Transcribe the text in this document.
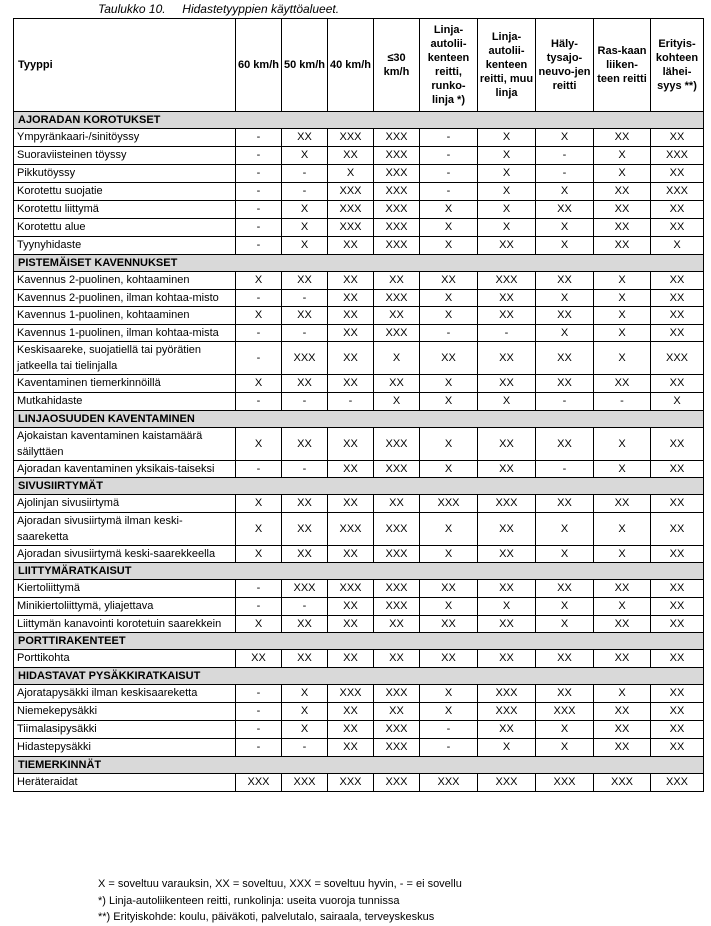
Taulukko 10.     Hidastetyyppien käyttöalueet.
Tyyppi	60 km/h	50 km/h	40 km/h	≤30 km/h	Linja-autolii-kenteen reitti, runko-linja *)	Linja-autolii-kenteen reitti, muu linja	Häly-tysajo-neuvo-jen reitti	Ras-kaan liiken-teen reitti	Erityis-kohteen lähei-syys **)
AJORADAN KOROTUKSET									
Ympyränkaari-/sinitöyssy	-	XX	XXX	XXX	-	X	X	XX	XX
Suoraviisteinen töyssy	-	X	XX	XXX	-	X	-	X	XXX
Pikkutöyssy	-	-	X	XXX	-	X	-	X	XX
Korotettu suojatie	-	-	XXX	XXX	-	X	X	XX	XXX
Korotettu liittymä	-	X	XXX	XXX	X	X	XX	XX	XX
Korotettu alue	-	X	XXX	XXX	X	X	X	XX	XX
Tyynyhidaste	-	X	XX	XXX	X	XX	X	XX	X
PISTEMÄISET KAVENNUKSET									
Kavennus 2-puolinen, kohtaaminen	X	XX	XX	XX	XX	XXX	XX	X	XX
Kavennus 2-puolinen, ilman kohtaa-misto	-	-	XX	XXX	X	XX	X	X	XX
Kavennus 1-puolinen, kohtaaminen	X	XX	XX	XX	X	XX	XX	X	XX
Kavennus 1-puolinen, ilman kohtaa-mista	-	-	XX	XXX	-	-	X	X	XX
Keskisaareke, suojatiellä tai pyörätien jatkeella tai tielinjalla	-	XXX	XX	X	XX	XX	XX	X	XXX
Kaventaminen tiemerkinnöillä	X	XX	XX	XX	X	XX	XX	XX	XX
Mutkahidaste	-	-	-	X	X	X	-	-	X
LINJAOSUUDEN KAVENTAMINEN									
Ajokaistan kaventaminen kaistamäärä säilyttäen	X	XX	XX	XXX	X	XX	XX	X	XX
Ajoradan kaventaminen yksikais-taiseksi	-	-	XX	XXX	X	XX	-	X	XX
SIVUSIIRTYMÄT									
Ajolinjan sivusiirtymä	X	XX	XX	XX	XXX	XXX	XX	XX	XX
Ajoradan sivusiirtymä ilman keski-saareketta	X	XX	XXX	XXX	X	XX	X	X	XX
Ajoradan sivusiirtymä keski-saarekkeella	X	XX	XX	XXX	X	XX	X	X	XX
LIITTYMÄRATKAISUT									
Kiertoliittymä	-	XXX	XXX	XXX	XX	XX	XX	XX	XX
Minikiertoliittymä, yliajettava	-	-	XX	XXX	X	X	X	X	XX
Liittymän kanavointi korotetuin saarekkein	X	XX	XX	XX	XX	XX	X	XX	XX
PORTTIRAKENTEET									
Porttikohta	XX	XX	XX	XX	XX	XX	XX	XX	XX
HIDASTAVAT PYSÄKKIRATKAISUT									
Ajoratapysäkki ilman keskisaareketta	-	X	XXX	XXX	X	XXX	XX	X	XX
Niemekepysäkki	-	X	XX	XX	X	XXX	XXX	XX	XX
Tiimalasipysäkki	-	X	XX	XXX	-	XX	X	XX	XX
Hidastepysäkki	-	-	XX	XXX	-	X	X	XX	XX
TIEMERKINNÄT									
Heräteraidat	XXX	XXX	XXX	XXX	XXX	XXX	XXX	XXX	XXX
X = soveltuu varauksin, XX = soveltuu, XXX = soveltuu hyvin, - = ei sovellu
*) Linja-autoliikenteen reitti, runkolinja: useita vuoroja tunnissa
**) Erityiskohde: koulu, päiväkoti, palvelutalo, sairaala, terveyskeskus
